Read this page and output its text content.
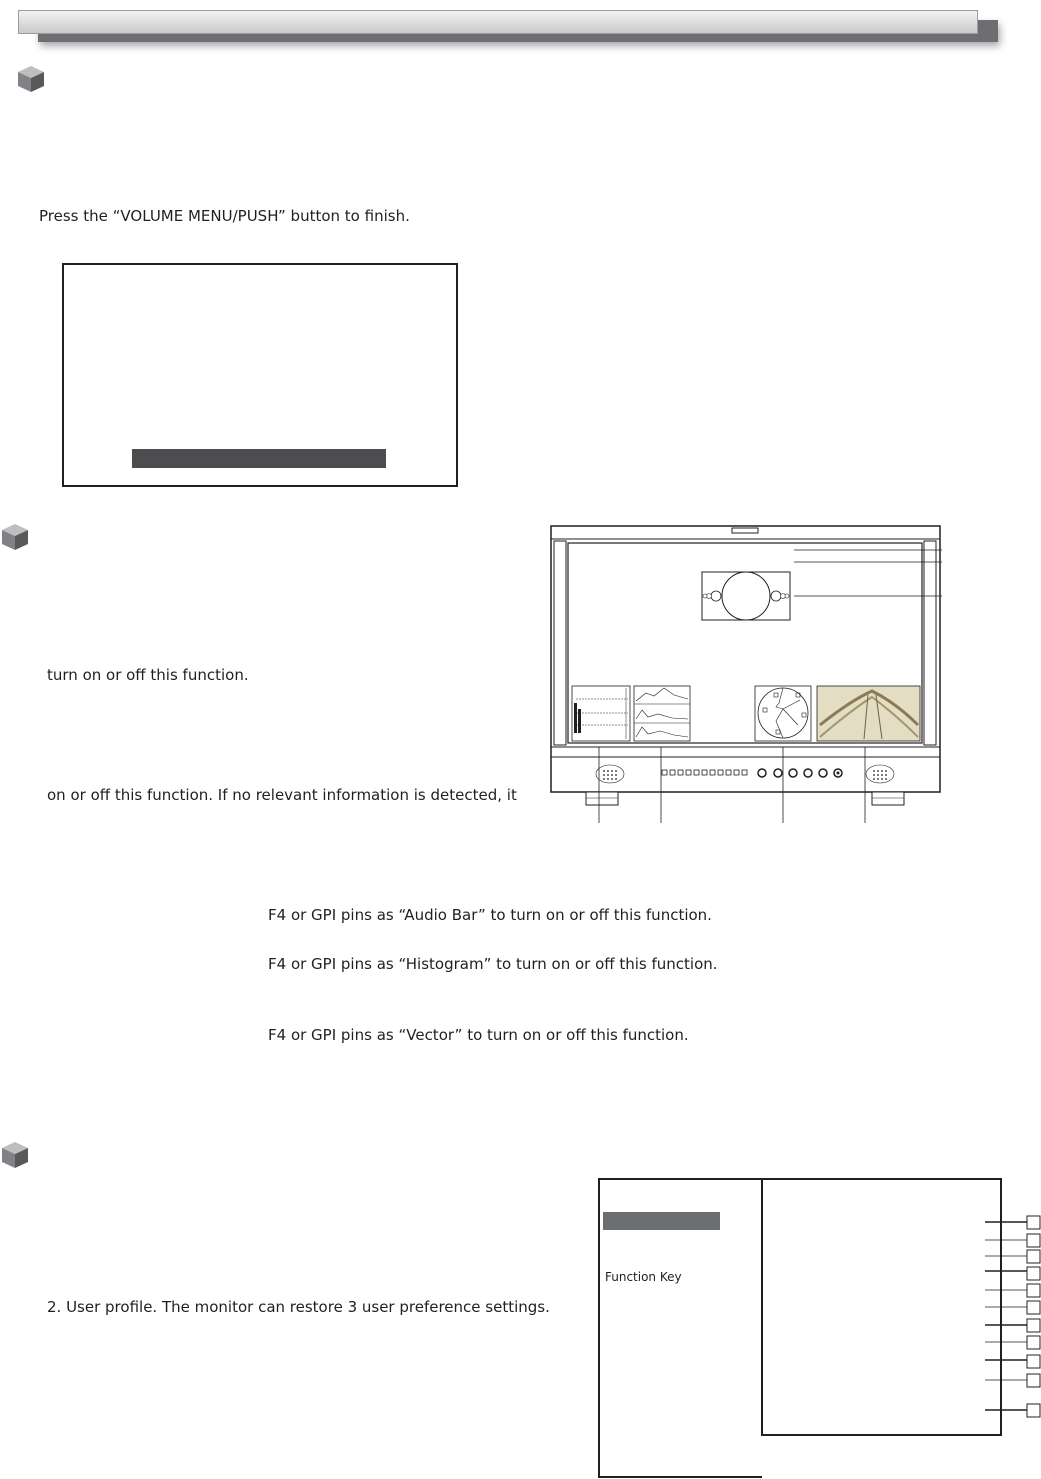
Press the “VOLUME MENU/PUSH” button to finish.
turn on or off this function.
on or off this function. If no relevant information is detected, it
F4 or GPI pins as “Audio Bar” to turn on or off this function.
F4 or GPI pins as “Histogram” to turn on or off this function.
F4 or GPI pins as “Vector” to turn on or off this function.
2. User profile. The monitor can restore 3 user preference settings.
Function Key
